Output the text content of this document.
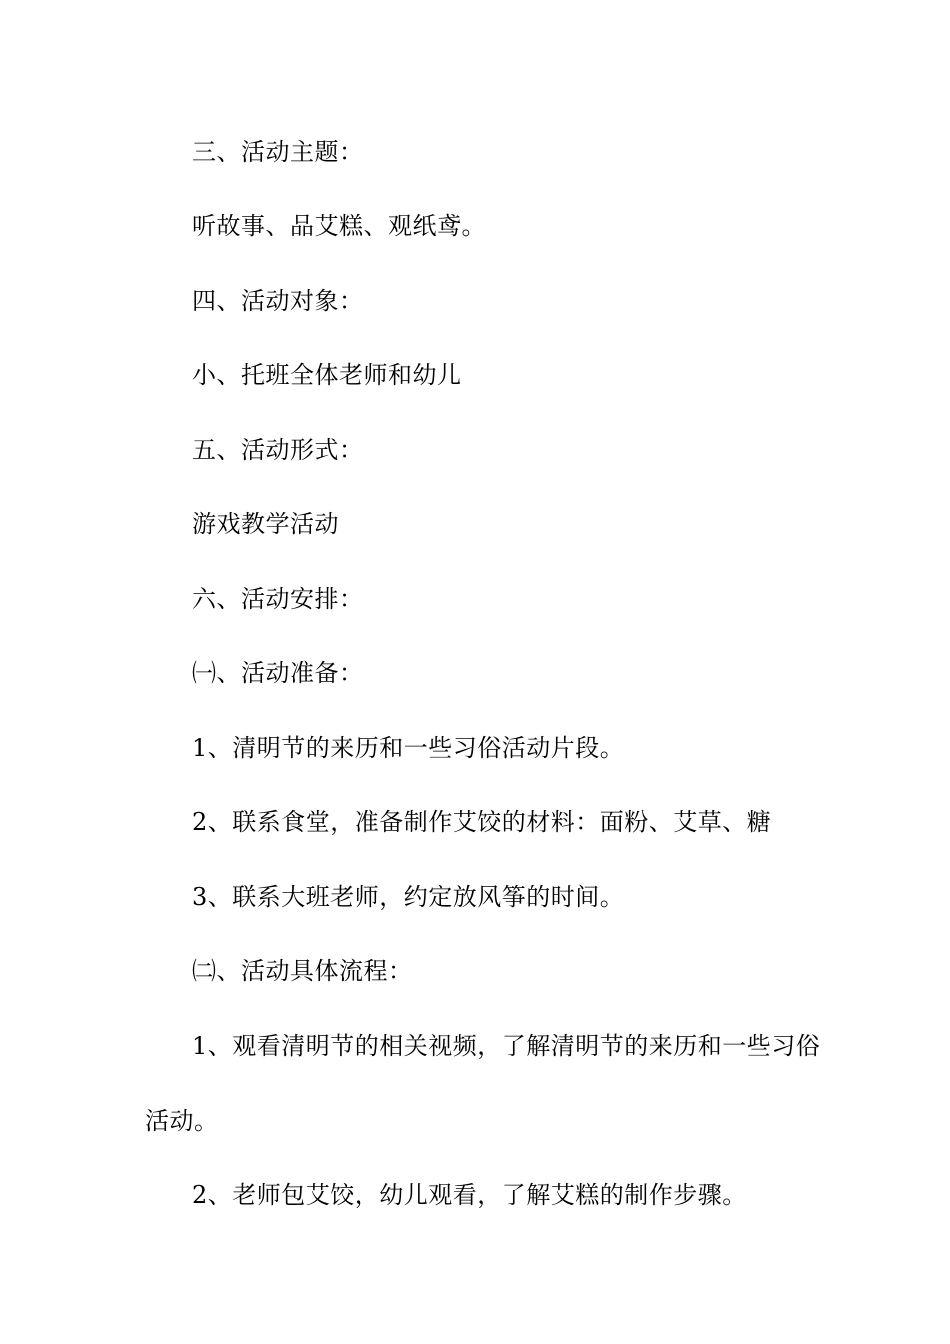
三、活动主题：
听故事、品艾糕、观纸鸢。
四、活动对象：
小、托班全体老师和幼儿
五、活动形式：
游戏教学活动
六、活动安排：
㈠、活动准备：
1、清明节的来历和一些习俗活动片段。
2、联系食堂，准备制作艾饺的材料：面粉、艾草、糖
3、联系大班老师，约定放风筝的时间。
㈡、活动具体流程：
1、观看清明节的相关视频，了解清明节的来历和一些习俗
活动。
2、老师包艾饺，幼儿观看，了解艾糕的制作步骤。
